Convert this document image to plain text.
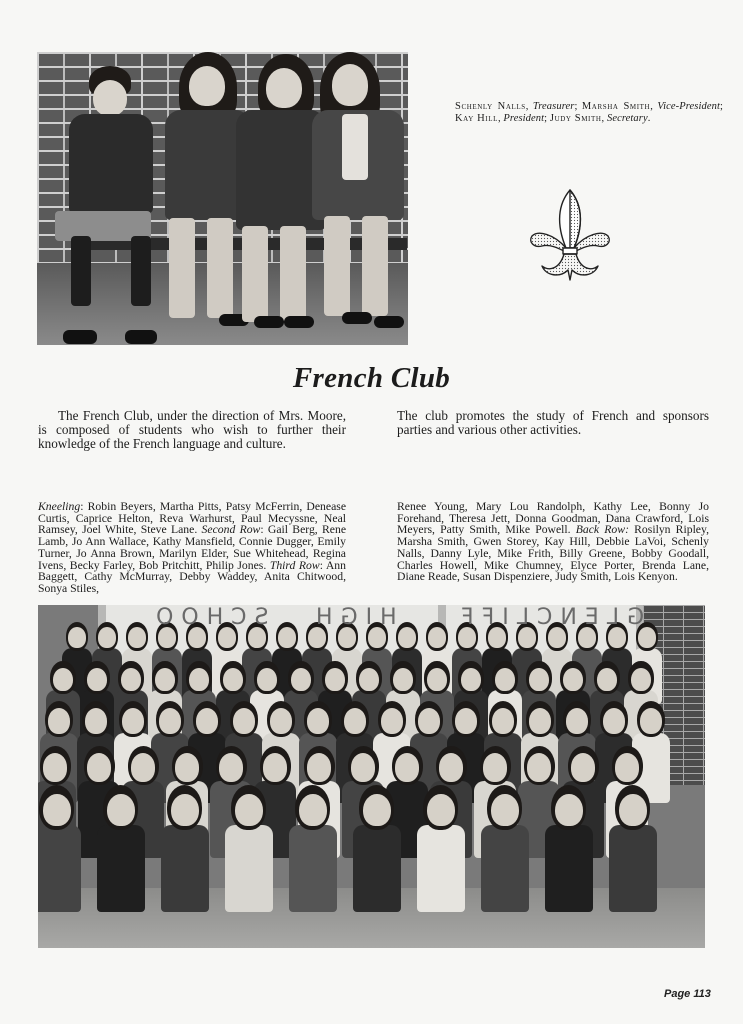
Schenly Nalls, Treasurer; Marsha Smith, Vice-President; Kay Hill, President; Judy Smith, Secretary.
French Club
The French Club, under the direction of Mrs. Moore, is composed of students who wish to further their knowledge of the French language and culture.
The club promotes the study of French and sponsors parties and various other activities.
Kneeling: Robin Beyers, Martha Pitts, Patsy McFerrin, Denease Curtis, Caprice Helton, Reva Warhurst, Paul Mecyssne, Neal Ramsey, Joel White, Steve Lane. Second Row: Gail Berg, Rene Lamb, Jo Ann Wallace, Kathy Mansfield, Connie Dugger, Emily Turner, Jo Anna Brown, Marilyn Elder, Sue Whitehead, Regina Ivens, Becky Farley, Bob Pritchitt, Philip Jones. Third Row: Ann Baggett, Cathy McMurray, Debby Waddey, Anita Chitwood, Sonya Stiles,
Renee Young, Mary Lou Randolph, Kathy Lee, Bonny Jo Forehand, Theresa Jett, Donna Goodman, Dana Crawford, Lois Meyers, Patty Smith, Mike Powell. Back Row: Rosilyn Ripley, Marsha Smith, Gwen Storey, Kay Hill, Debbie LaVoi, Schenly Nalls, Danny Lyle, Mike Frith, Billy Greene, Bobby Goodall, Charles Howell, Mike Chumney, Elyce Porter, Brenda Lane, Diane Reade, Susan Dispenziere, Judy Smith, Lois Kenyon.
SCHOO HIGH	GLENCLIFF
Page 113
